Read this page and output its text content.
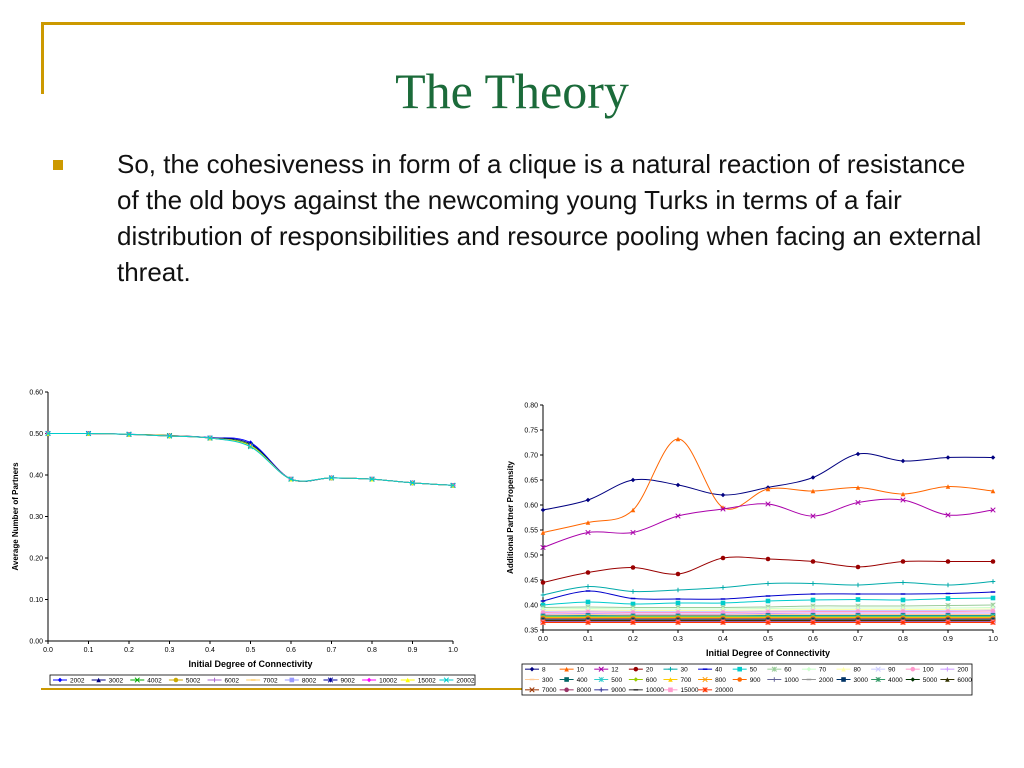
The Theory
So, the cohesiveness in form of a clique is a natural reaction of resistance of the old boys against the newcoming young Turks in terms of a fair distribution of responsibilities and resource pooling when facing an external threat.
0.00
0.10
0.20
0.30
0.40
0.50
0.60
0.0	0.1	0.2	0.3	0.4	0.5	0.6	0.7	0.8	0.9	1.0
Initial Degree of Connectivity
Average Number of Partners
2002	3002	4002	5002	6002	7002	8002	9002	10002	15002	20002
0.35
0.40
0.45
0.50
0.55
0.60
0.65
0.70
0.75
0.80
0.0	0.1	0.2	0.3	0.4	0.5	0.6	0.7	0.8	0.9	1.0
Initial Degree of Connectivity
Additional Partner Propensity
8	10	12	20	30	40	50	60	70	80	90	100	200
300	400	500	600	700	800	900	1000	2000	3000	4000	5000	6000
7000	8000	9000	10000	15000	20000
